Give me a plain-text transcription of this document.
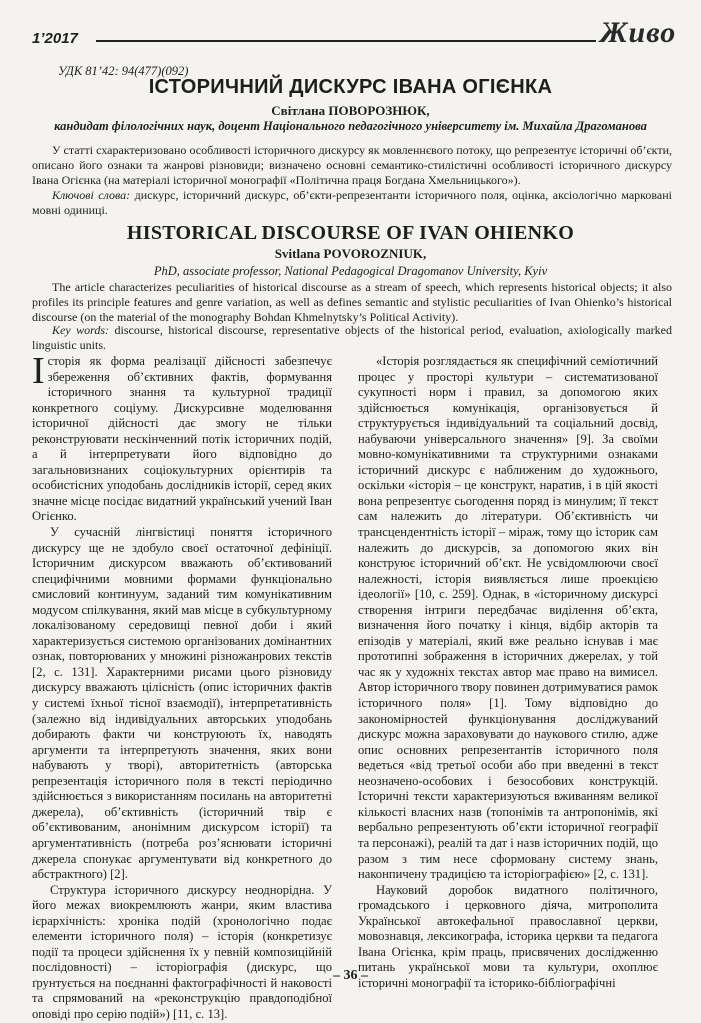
1’2017	Живо
УДК 81’42: 94(477)(092)
ІСТОРИЧНИЙ ДИСКУРС ІВАНА ОГІЄНКА
Світлана ПОВОРОЗНЮК,
кандидат філологічних наук, доцент Національного педагогічного університету ім. Михайла Драгоманова

У статті схарактеризовано особливості історичного дискурсу як мовленнєвого потоку, що репрезентує історичні об’єкти, описано його ознаки та жанрові різновиди; визначено основні семантико-стилістичні особливості історичного дискурсу Івана Огієнка (на матеріалі історичної монографії «Політична праця Богдана Хмельницького»).

Ключові слова: дискурс, історичний дискурс, об’єкти-репрезентанти історичного поля, оцінка, аксіологічно марковані мовні одиниці.

HISTORICAL DISCOURSE OF IVAN OHIENKO
Svitlana POVOROZNIUK,
PhD, associate professor, National Pedagogical Dragomanov University, Kyiv

The article characterizes peculiarities of historical discourse as a stream of speech, which represents historical objects; it also profiles its principle features and genre variation, as well as defines semantic and stylistic peculiarities of Ivan Ohienko’s historical discourse (on the material of the monography Bohdan Khmelnytsky’s Political Activity).

Key words: discourse, historical discourse, representative objects of the historical period, evaluation, axiologically marked linguistic units.

Історія як форма реалізації дійсності забезпечує збереження об’єктивних фактів, формування історичного знання та культурної традиції конкретного соціуму. Дискурсивне моделювання історичної дійсності дає змогу не тільки реконструювати нескінченний потік історичних подій, а й інтерпретувати його відповідно до загальновизнаних соціокультурних орієнтирів та особистісних уподобань дослідників історії, серед яких значне місце посідає видатний український учений Іван Огієнко.

У сучасній лінгвістиці поняття історичного дискурсу ще не здобуло своєї остаточної дефініції. Історичним дискурсом вважають об’єктивований специфічними мовними формами функціонально смисловий континуум, заданий тим комунікативним модусом спілкування, який мав місце в субкультурному локалізованому середовищі певної доби і який характеризується системою організованих домінантних ознак, повторюваних у множині різножанрових текстів [2, с. 131]. Характерними рисами цього різновиду дискурсу вважають цілісність (опис історичних фактів у системі їхньої тісної взаємодії), інтерпретативність (залежно від індивідуальних авторських уподобань добирають факти чи конструюють їх, наводять аргументи та інтерпретують значення, яких вони набувають у творі), авторитетність (авторська репрезентація історичного поля в тексті періодично здійснюється з використанням посилань на авторитетні джерела), об’єктивність (історичний твір є об’єктивованим, анонімним дискурсом історії) та аргументативність (потреба роз’яснювати історичні джерела спонукає аргументувати від конкретного до абстрактного) [2].

Структура історичного дискурсу неоднорідна. У його межах виокремлюють жанри, яким властива ієрархічність: хроніка подій (хронологічно подає елементи історичного поля) – історія (конкретизує події та процеси здійснення їх у певній композиційній послідовності) – історіографія (дискурс, що ґрунтується на поєднанні фактографічності й наковості та спрямований на «реконструкцію правдоподібної оповіді про серію подій») [11, с. 13].

«Історія розглядається як специфічний семіотичний процес у просторі культури – систематизованої сукупності норм і правил, за допомогою яких здійснюється комунікація, організовується й структурується індивідуальний та соціальний досвід, набуваючи універсального значення» [9]. За своїми мовно-комунікативними та структурними ознаками історичний дискурс є наближеним до художнього, оскільки «історія – це конструкт, наратив, і в цій якості вона репрезентує сьогодення поряд із минулим; її текст сам належить до літератури. Об’єктивність чи трансцендентність історії – міраж, тому що історик сам належить до дискурсів, за допомогою яких він конструює історичний об’єкт. Не усвідомлюючи своєї належності, історія виявляється лише проекцією ідеології» [10, с. 259]. Однак, в «історичному дискурсі створення інтриги передбачає виділення об’єкта, визначення його початку і кінця, відбір акторів та епізодів у матеріалі, який вже реально існував і має прототипні зображення в історичних джерелах, у той час як у художніх текстах автор має право на вимисел. Автор історичного твору повинен дотримуватися рамок історичного поля» [1]. Тому відповідно до закономірностей функціонування досліджуваний дискурс можна зараховувати до наукового стилю, адже опис основних репрезентантів історичного поля ведеться «від третьої особи або при введенні в текст неозначено-особових і безособових конструкцій. Історичні тексти характеризуються вживанням великої кількості власних назв (топонімів та антропонімів, які вербально репрезентують об’єкти історичної географії та персонажі), реалій та дат і назв історичних подій, що разом з тим несе сформовану систему знань, наконпичену традицією та історіографією» [2, с. 131].

Науковий доробок видатного політичного, громадського і церковного діяча, митрополита Української автокефальної православної церкви, мовознавця, лексикографа, історика церкви та педагога Івана Огієнка, крім праць, присвячених дослідженню питань української мови та культури, охоплює історичні монографії та історико-бібліографічні

– 36 –
